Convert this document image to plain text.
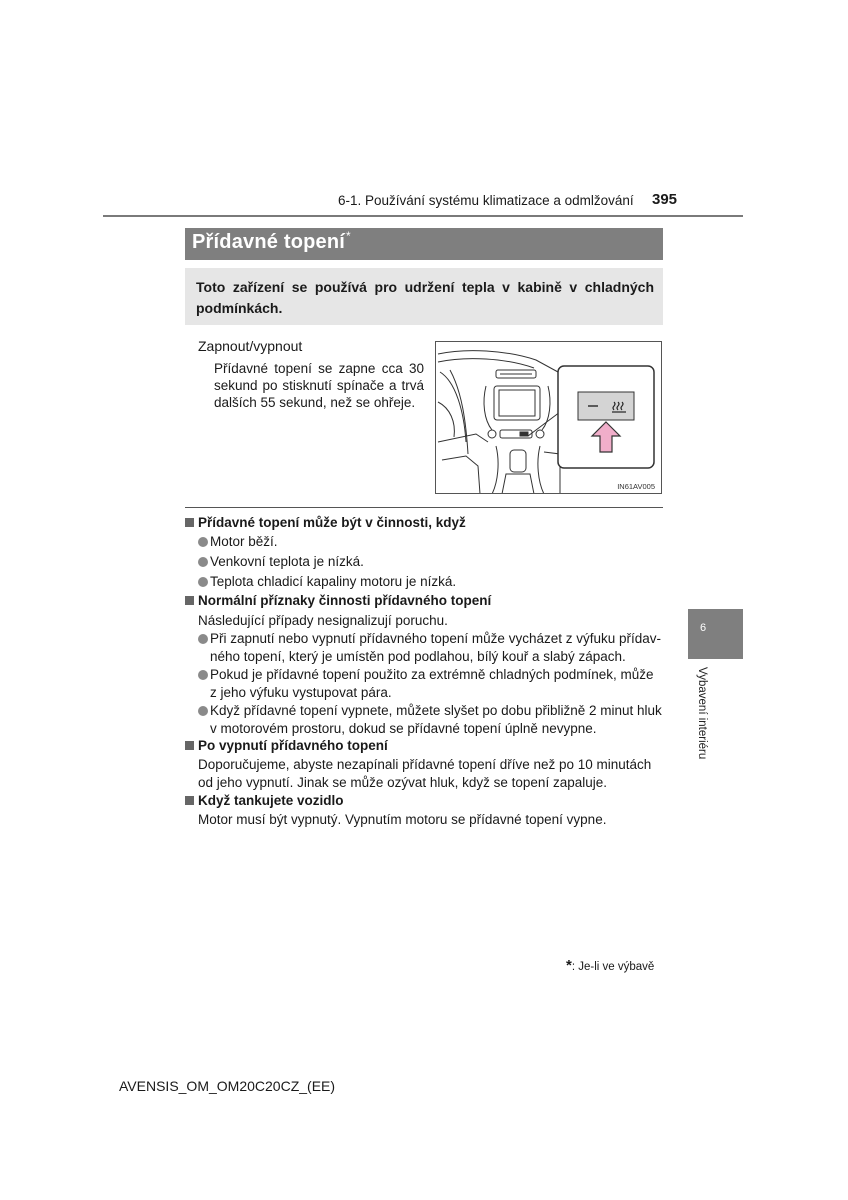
6-1. Používání systému klimatizace a odmlžování 395
Přídavné topení*
Toto zařízení se používá pro udržení tepla v kabině v chladných podmínkách.
Zapnout/vypnout
Přídavné topení se zapne cca 30 sekund po stisknutí spínače a trvá dalších 55 sekund, než se ohřeje.
IN61AV005
Přídavné topení může být v činnosti, když
Motor běží.
Venkovní teplota je nízká.
Teplota chladicí kapaliny motoru je nízká.
Normální příznaky činnosti přídavného topení
Následující případy nesignalizují poruchu.
Při zapnutí nebo vypnutí přídavného topení může vycházet z výfuku přídav-ného topení, který je umístěn pod podlahou, bílý kouř a slabý zápach.
Pokud je přídavné topení použito za extrémně chladných podmínek, může z jeho výfuku vystupovat pára.
Když přídavné topení vypnete, můžete slyšet po dobu přibližně 2 minut hluk v motorovém prostoru, dokud se přídavné topení úplně nevypne.
Po vypnutí přídavného topení
Doporučujeme, abyste nezapínali přídavné topení dříve než po 10 minutách od jeho vypnutí. Jinak se může ozývat hluk, když se topení zapaluje.
Když tankujete vozidlo
Motor musí být vypnutý. Vypnutím motoru se přídavné topení vypne.
6
Vybavení interiéru
*: Je-li ve výbavě
AVENSIS_OM_OM20C20CZ_(EE)
